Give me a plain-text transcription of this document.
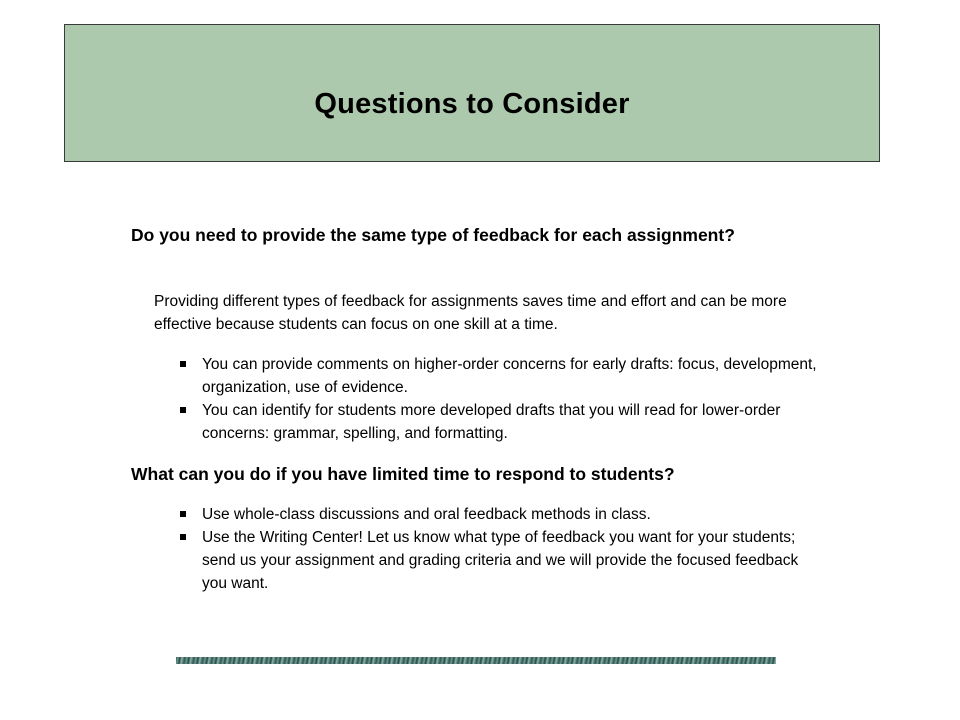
Questions to Consider
Do you need to provide the same type of feedback for each assignment?
Providing different types of feedback for assignments saves time and effort and can be more effective because students can focus on one skill at a time.
You can provide comments on higher-order concerns for early drafts: focus, development, organization, use of evidence.
You can identify for students more developed drafts that you will read for lower-order concerns: grammar, spelling, and formatting.
What can you do if you have limited time to respond to students?
Use whole-class discussions and oral feedback methods in class.
Use the Writing Center! Let us know what type of feedback you want for your students; send us your assignment and grading criteria and we will provide the focused feedback you want.
